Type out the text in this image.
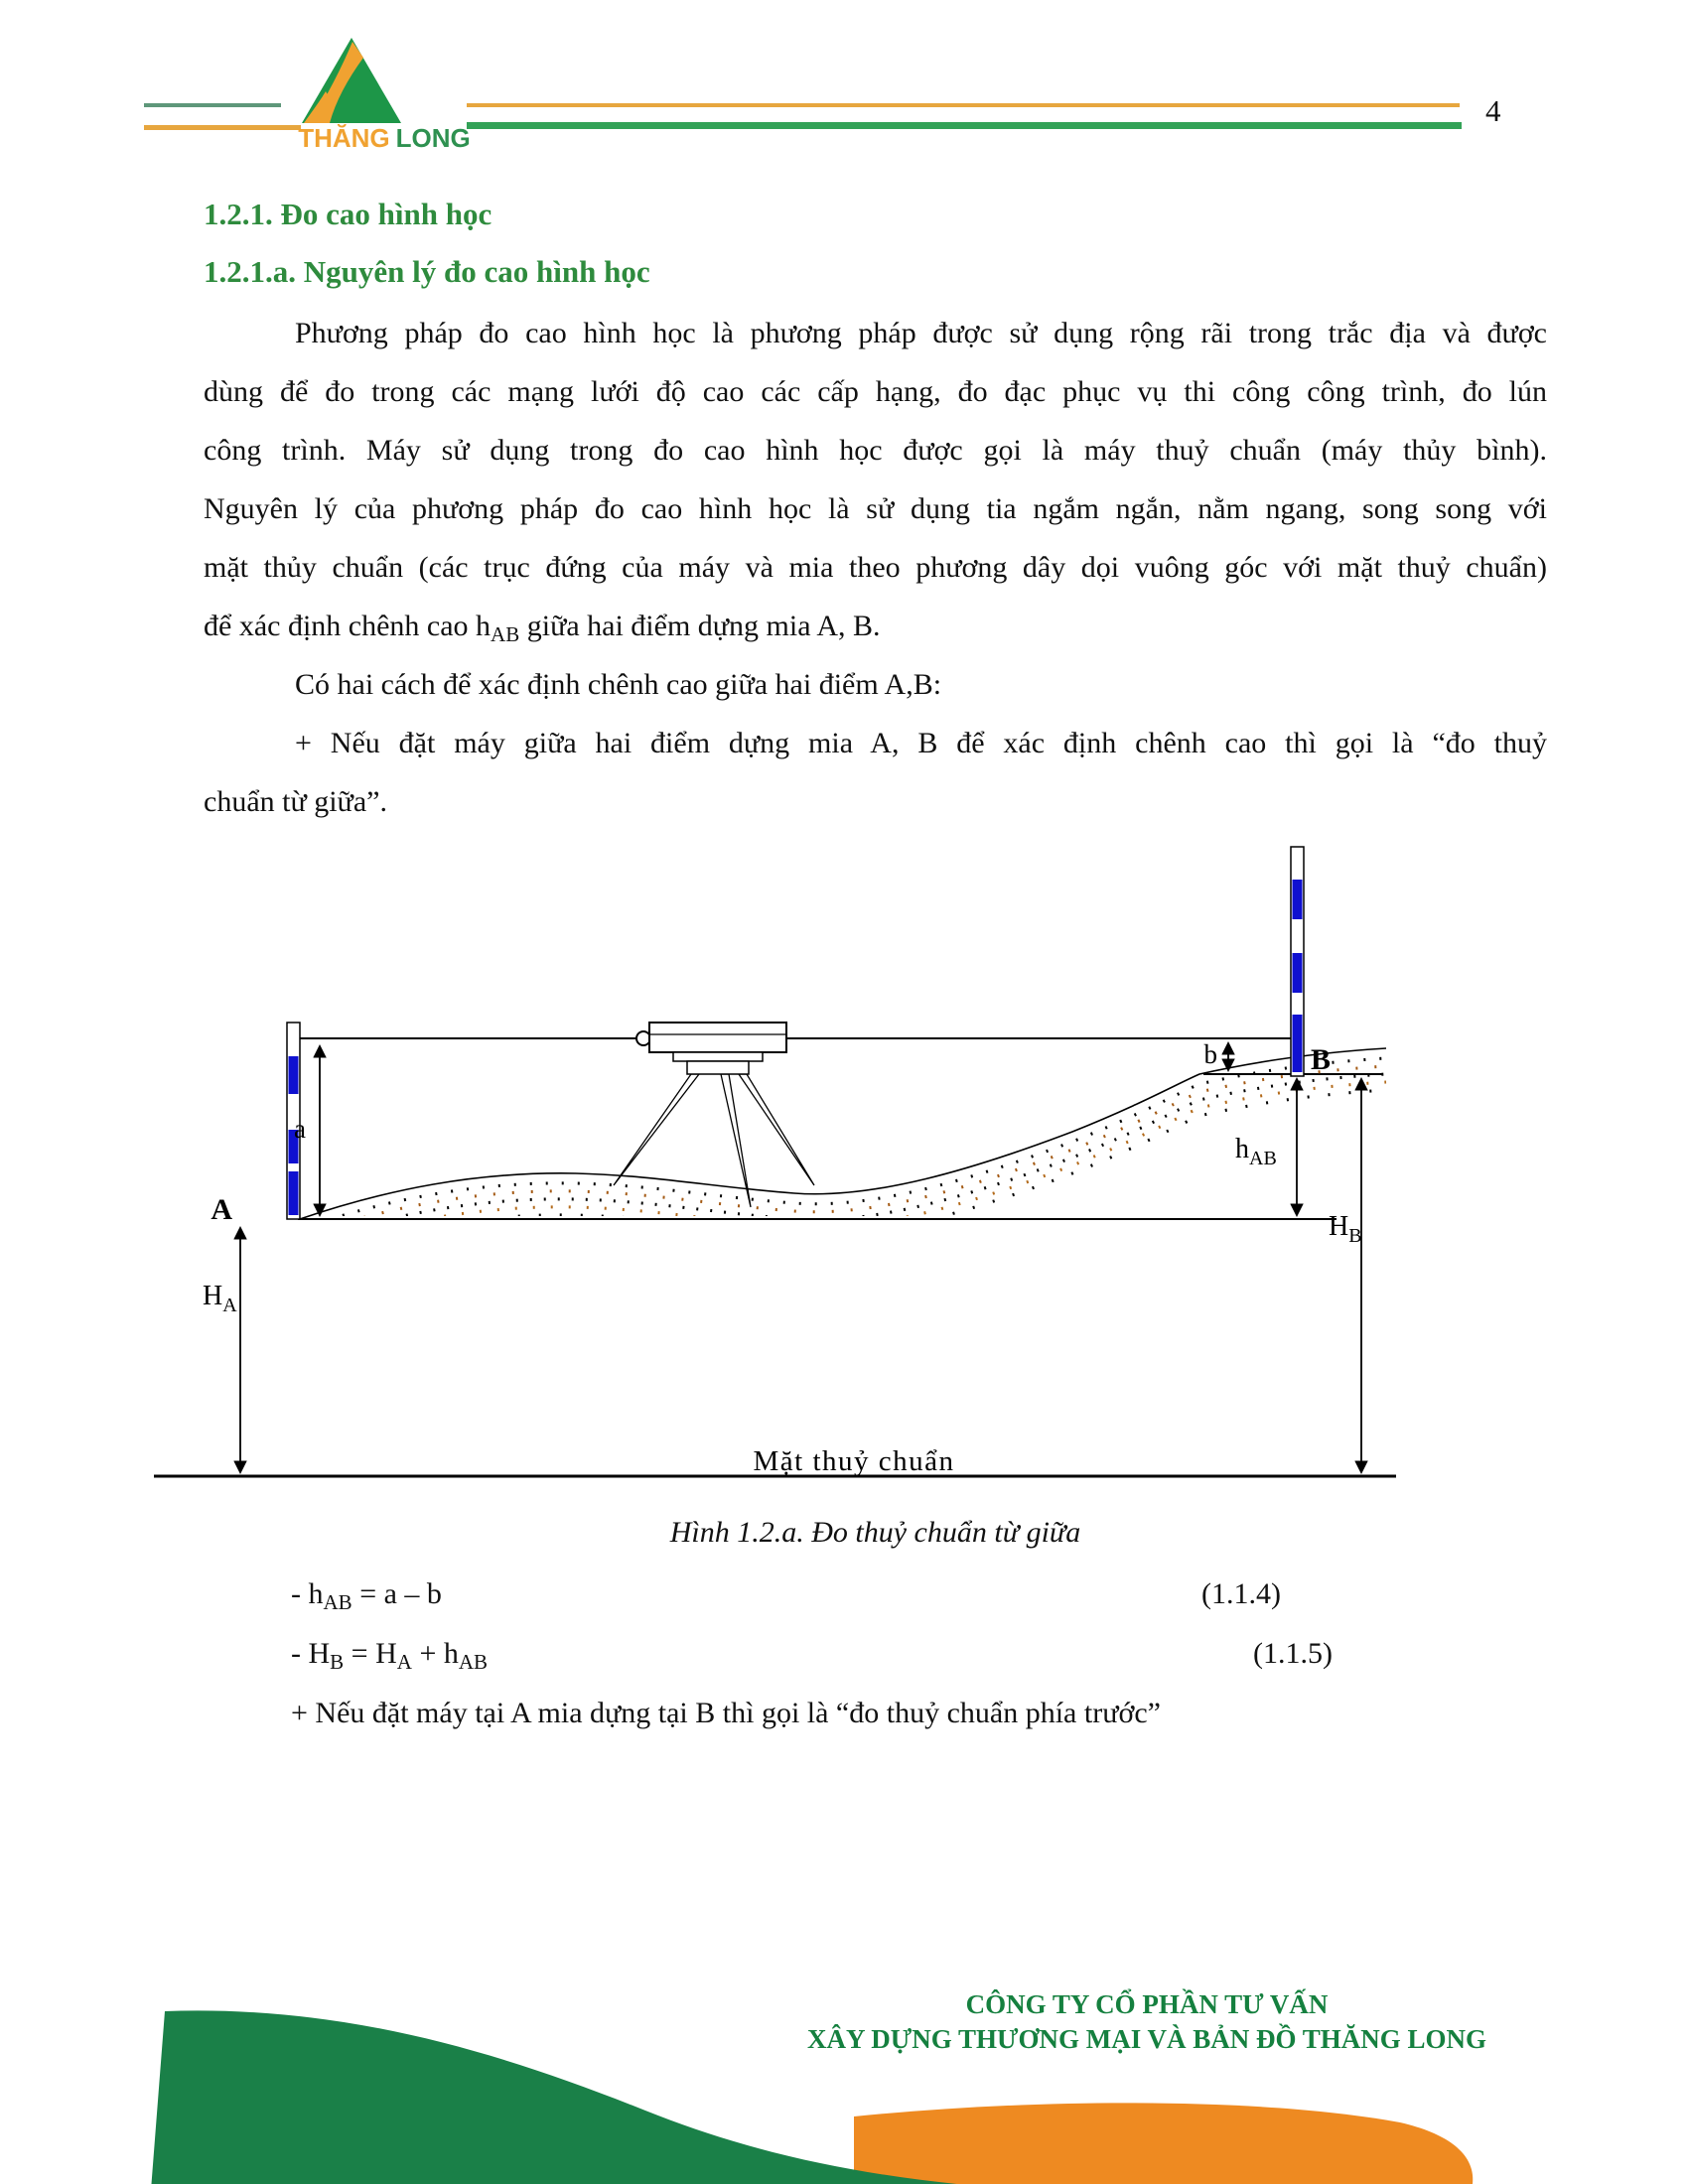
THĂNG LONG
4
1.2.1. Đo cao hình học
1.2.1.a. Nguyên lý đo cao hình học
Phương pháp đo cao hình học là phương pháp được sử dụng rộng rãi trong trắc địa và được
dùng để đo trong các mạng lưới độ cao các cấp hạng, đo đạc phục vụ thi công công trình, đo lún
công trình. Máy sử dụng trong đo cao hình học được gọi là máy thuỷ chuẩn (máy thủy bình).
Nguyên lý của phương pháp đo cao hình học là sử dụng tia ngắm ngắn, nằm ngang, song song với
mặt thủy chuẩn (các trục đứng của máy và mia theo phương dây dọi vuông góc với mặt thuỷ chuẩn)
để xác định chênh cao $h_{AB}$ giữa hai điểm dựng mia A, B.
Có hai cách để xác định chênh cao giữa hai điểm A,B:
+ Nếu đặt máy giữa hai điểm dựng mia A, B để xác định chênh cao thì gọi là “đo thuỷ
chuẩn từ giữa”.
a
A
$H_A$
b	B
$h_{AB}$
$H_B$
Mặt thuỷ chuẩn
Hình 1.2.a. Đo thuỷ chuẩn từ giữa
- $h_{AB} = a - b$	(1.1.4)
- $H_B = H_A + h_{AB}$	(1.1.5)
+ Nếu đặt máy tại A mia dựng tại B thì gọi là “đo thuỷ chuẩn phía trước”
CÔNG TY CỔ PHẦN TƯ VẤN
XÂY DỰNG THƯƠNG MẠI VÀ BẢN ĐỒ THĂNG LONG
